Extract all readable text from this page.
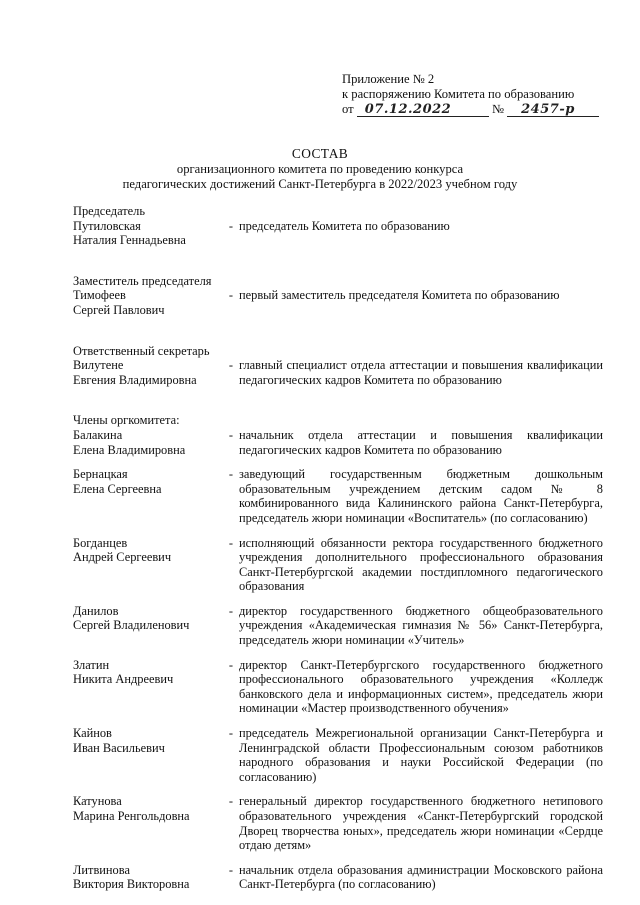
Приложение № 2
к распоряжению Комитета по образованию
от 07.12.2022	№ 2457-р
СОСТАВ
организационного комитета по проведению конкурса
педагогических достижений Санкт-Петербурга в 2022/2023 учебном году
Председатель
Путиловская
Наталия Геннадьевна
- председатель Комитета по образованию
Заместитель председателя
Тимофеев
Сергей Павлович
- первый заместитель председателя Комитета по образованию
Ответственный секретарь
Вилутене
Евгения Владимировна
- главный специалист отдела аттестации и повышения квалификации педагогических кадров Комитета по образованию
Члены оргкомитета:
Балакина
Елена Владимировна
- начальник отдела аттестации и повышения квалификации педагогических кадров Комитета по образованию
Бернацкая
Елена Сергеевна
- заведующий государственным бюджетным дошкольным образовательным учреждением детским садом № 8 комбинированного вида Калининского района Санкт-Петербурга, председатель жюри номинации «Воспитатель» (по согласованию)
Богданцев
Андрей Сергеевич
- исполняющий обязанности ректора государственного бюджетного учреждения дополнительного профессионального образования Санкт-Петербургской академии постдипломного педагогического образования
Данилов
Сергей Владиленович
- директор государственного бюджетного общеобразовательного учреждения «Академическая гимназия № 56» Санкт-Петербурга, председатель жюри номинации «Учитель»
Златин
Никита Андреевич
- директор Санкт-Петербургского государственного бюджетного профессионального образовательного учреждения «Колледж банковского дела и информационных систем», председатель жюри номинации «Мастер производственного обучения»
Кайнов
Иван Васильевич
- председатель Межрегиональной организации Санкт-Петербурга и Ленинградской области Профессиональным союзом работников народного образования и науки Российской Федерации (по согласованию)
Катунова
Марина Ренгольдовна
- генеральный директор государственного бюджетного нетипового образовательного учреждения «Санкт-Петербургский городской Дворец творчества юных», председатель жюри номинации «Сердце отдаю детям»
Литвинова
Виктория Викторовна
- начальник отдела образования администрации Московского района Санкт-Петербурга (по согласованию)
